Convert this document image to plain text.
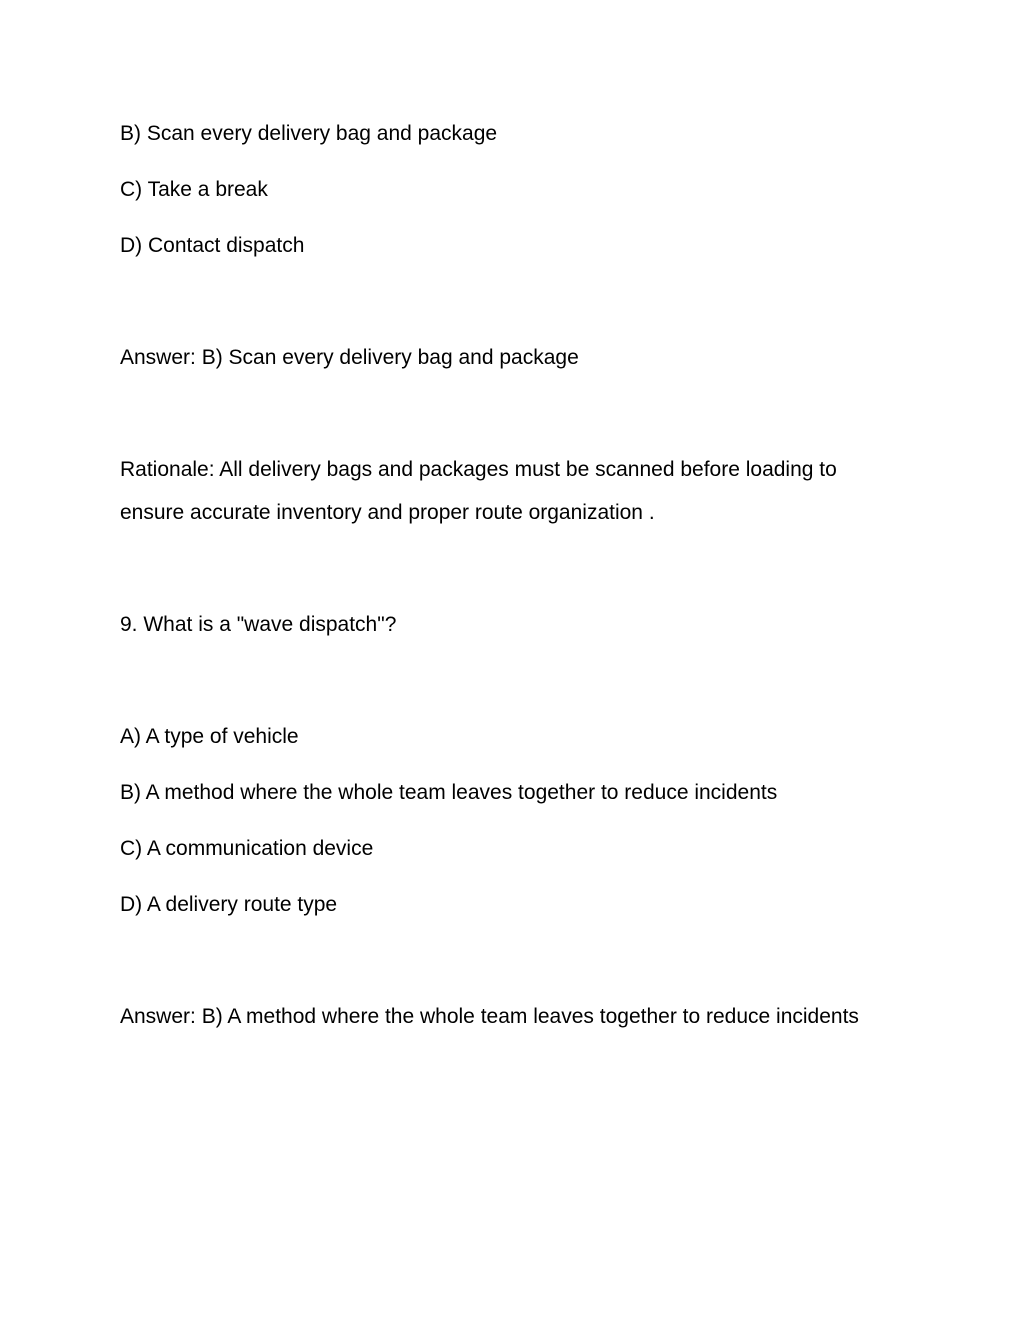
B) Scan every delivery bag and package
C) Take a break
D) Contact dispatch
Answer: B) Scan every delivery bag and package
Rationale: All delivery bags and packages must be scanned before loading to
ensure accurate inventory and proper route organization .
9. What is a "wave dispatch"?
A) A type of vehicle
B) A method where the whole team leaves together to reduce incidents
C) A communication device
D) A delivery route type
Answer: B) A method where the whole team leaves together to reduce incidents
